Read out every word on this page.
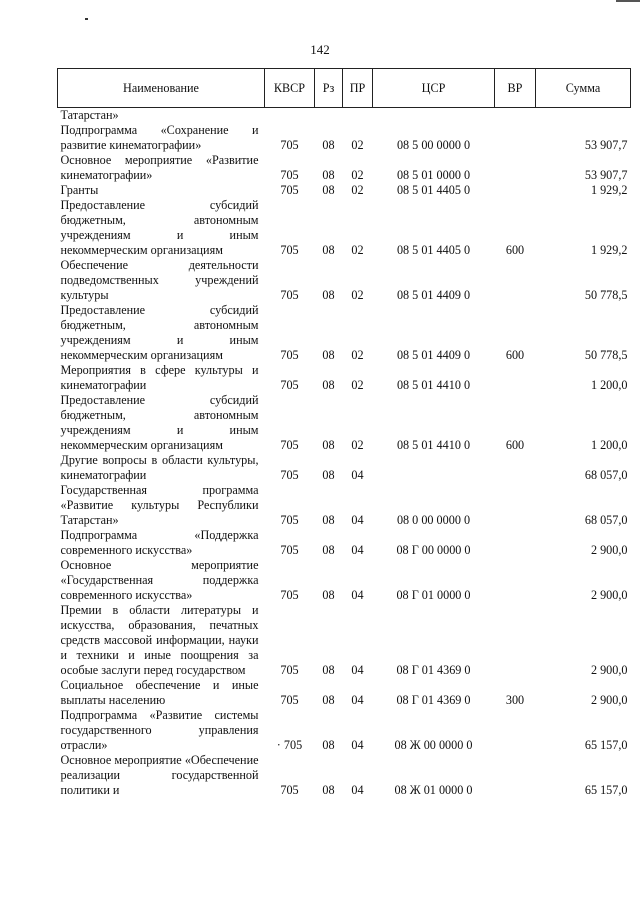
142
Наименование	КВСР	Рз	ПР	ЦСР	ВР	Сумма
Татарстан»						
Подпрограмма «Сохранение и развитие кинематографии»	705	08	02	08 5 00 0000 0		53 907,7
Основное мероприятие «Развитие кинематографии»	705	08	02	08 5 01 0000 0		53 907,7
Гранты	705	08	02	08 5 01 4405 0		1 929,2
Предоставление субсидий бюджетным, автономным учреждениям и иным некоммерческим организациям	705	08	02	08 5 01 4405 0	600	1 929,2
Обеспечение деятельности подведомственных учреждений культуры	705	08	02	08 5 01 4409 0		50 778,5
Предоставление субсидий бюджетным, автономным учреждениям и иным некоммерческим организациям	705	08	02	08 5 01 4409 0	600	50 778,5
Мероприятия в сфере культуры и кинематографии	705	08	02	08 5 01 4410 0		1 200,0
Предоставление субсидий бюджетным, автономным учреждениям и иным некоммерческим организациям	705	08	02	08 5 01 4410 0	600	1 200,0
Другие вопросы в области культуры, кинематографии	705	08	04			68 057,0
Государственная программа «Развитие культуры Республики Татарстан»	705	08	04	08 0 00 0000 0		68 057,0
Подпрограмма «Поддержка современного искусства»	705	08	04	08 Г 00 0000 0		2 900,0
Основное мероприятие «Государственная поддержка современного искусства»	705	08	04	08 Г 01 0000 0		2 900,0
Премии в области литературы и искусства, образования, печатных средств массовой информации, науки и техники и иные поощрения за особые заслуги перед государством	705	08	04	08 Г 01 4369 0		2 900,0
Социальное обеспечение и иные выплаты населению	705	08	04	08 Г 01 4369 0	300	2 900,0
Подпрограмма «Развитие системы государственного управления отрасли»	· 705	08	04	08 Ж 00 0000 0		65 157,0
Основное мероприятие «Обеспечение реализации государственной политики и	705	08	04	08 Ж 01 0000 0		65 157,0
